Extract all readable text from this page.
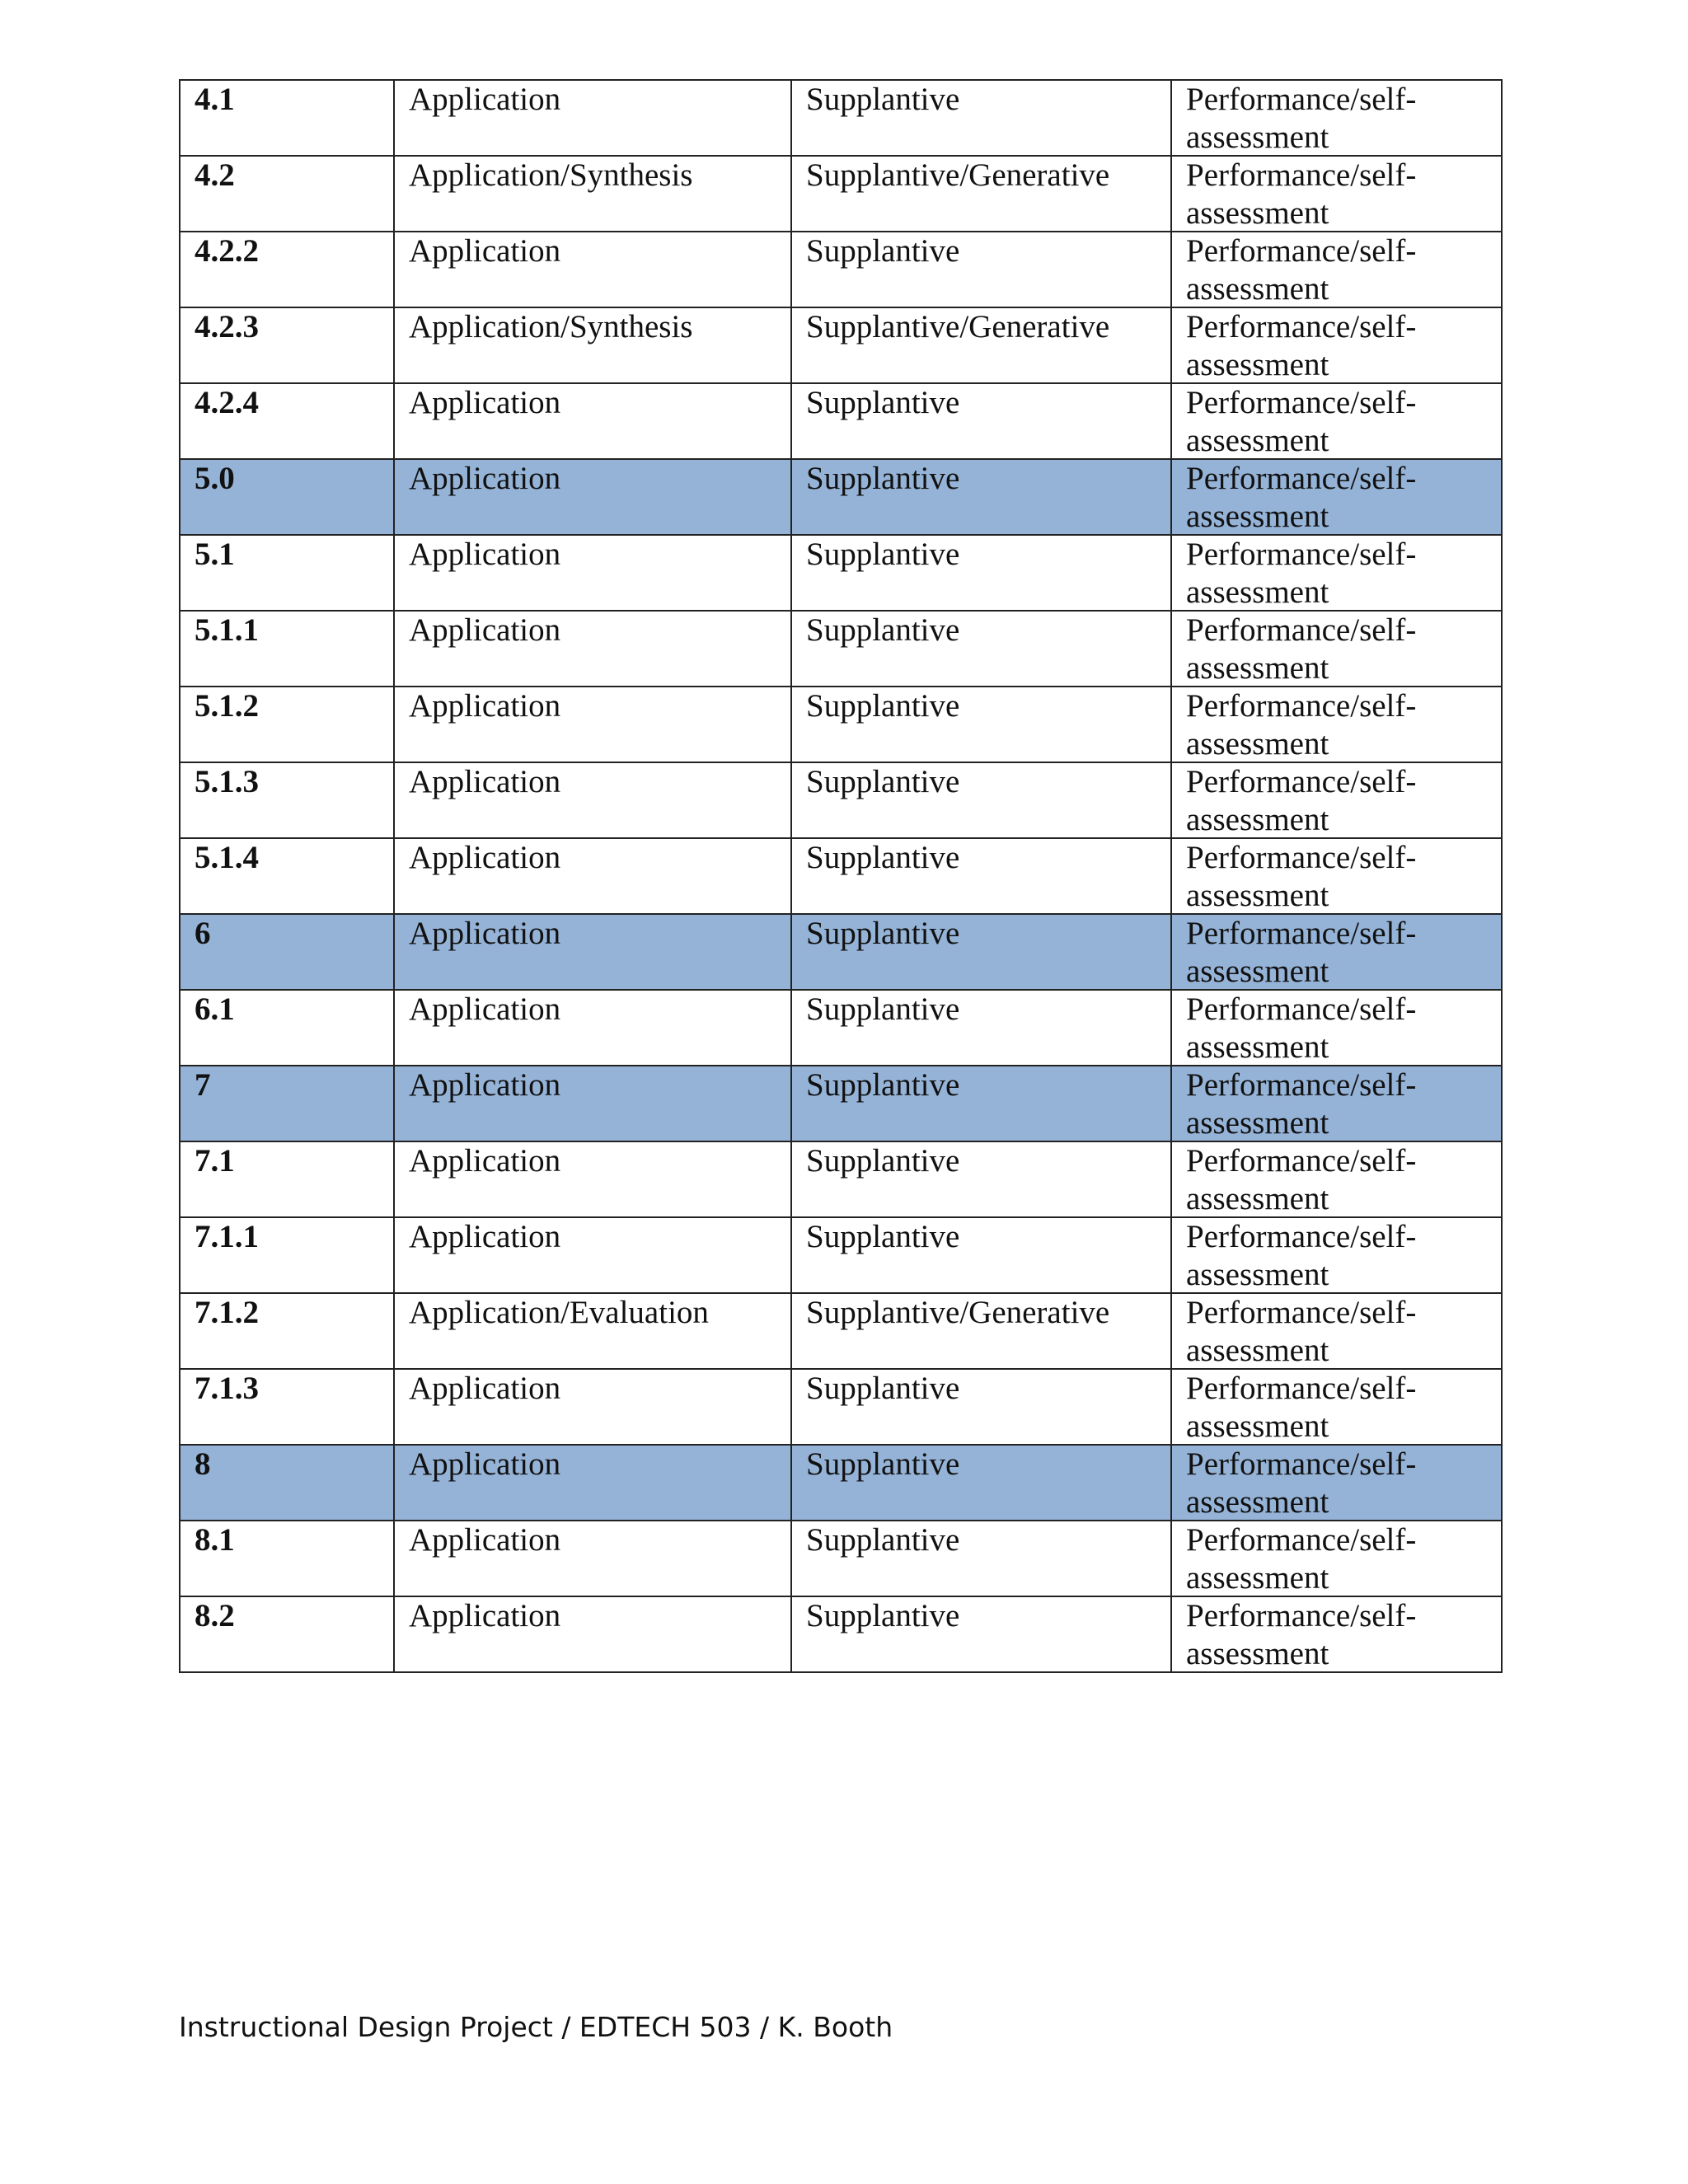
4.1	Application	Supplantive	Performance/self-assessment

4.2	Application/Synthesis	Supplantive/Generative	Performance/self-assessment

4.2.2	Application	Supplantive	Performance/self-assessment

4.2.3	Application/Synthesis	Supplantive/Generative	Performance/self-assessment

4.2.4	Application	Supplantive	Performance/self-assessment

5.0	Application	Supplantive	Performance/self-assessment

5.1	Application	Supplantive	Performance/self-assessment

5.1.1	Application	Supplantive	Performance/self-assessment

5.1.2	Application	Supplantive	Performance/self-assessment

5.1.3	Application	Supplantive	Performance/self-assessment

5.1.4	Application	Supplantive	Performance/self-assessment

6	Application	Supplantive	Performance/self-assessment

6.1	Application	Supplantive	Performance/self-assessment

7	Application	Supplantive	Performance/self-assessment

7.1	Application	Supplantive	Performance/self-assessment

7.1.1	Application	Supplantive	Performance/self-assessment

7.1.2	Application/Evaluation	Supplantive/Generative	Performance/self-assessment

7.1.3	Application	Supplantive	Performance/self-assessment

8	Application	Supplantive	Performance/self-assessment

8.1	Application	Supplantive	Performance/self-assessment

8.2	Application	Supplantive	Performance/self-assessment
Instructional Design Project / EDTECH 503 / K. Booth
